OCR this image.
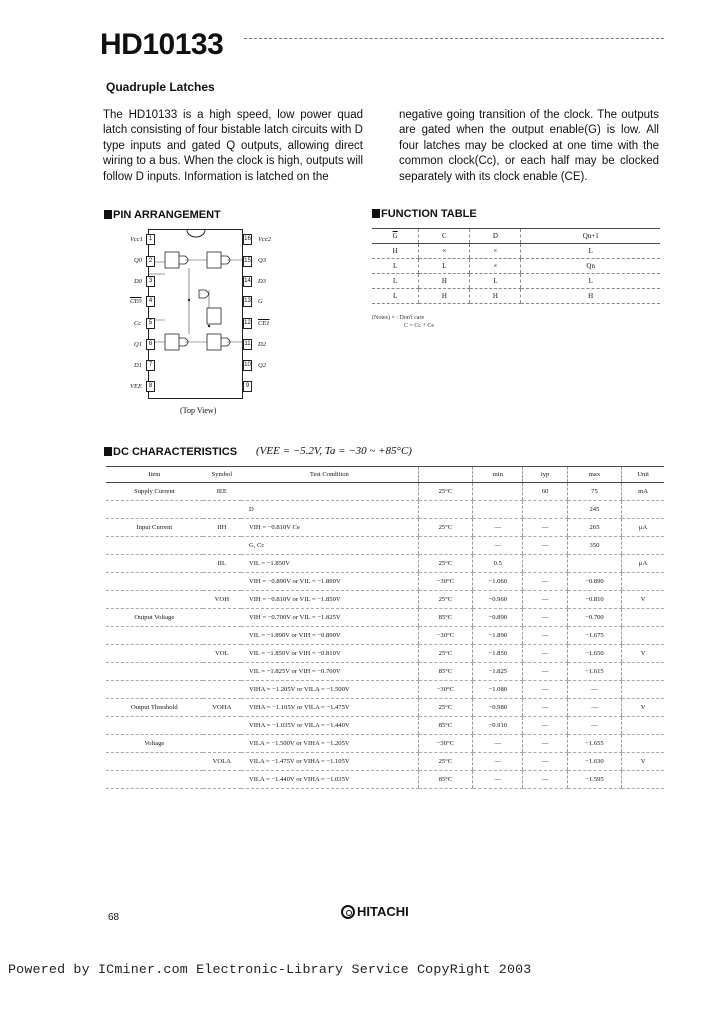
HD10133
Quadruple Latches
The HD10133 is a high speed, low power quad latch consisting of four bistable latch circuits with D type inputs and gated Q outputs, allowing direct wiring to a bus. When the clock is high, outputs will follow D inputs. Information is latched on the
negative going transition of the clock. The outputs are gated when the output enable(G) is low. All four latches may be clocked at one time with the common clock(Cc), or each half may be clocked separately with its clock enable (CE).
PIN ARRANGEMENT
1
2
3
4
5
6
7
8
Vcc1
Q0
D0
CE0
Cc
Q1
D1
VEE
16
15
14
13
12
11
10
9
Vcc2
Q3
D3
G
CE1
D2
Q2
(Top View)
FUNCTION TABLE
$\overline{G}$	C	D	Qn+1
H	×	×	L
L	L	×	Qn
L	H	L	L
L	H	H	H
(Notes) × : Don't care
C = Cc + Ce
DC CHARACTERISTICS (VEE = −5.2V, Ta = −30 ~ +85°C)
Item	Symbol	Test Condition		min	typ	max	Unit
Supply Current	IEE		25°C		60	75	mA
		D				245	
Input Current	IIH	VIH = −0.810V Ce	25°C	—	—	265	μA
		G, Cc		—	—	350	
	IIL	VIL = −1.850V	25°C	0.5			μA
		VIH = −0.890V or VIL = −1.890V	−30°C	−1.060	—	−0.890	
	VOH	VIH = −0.810V or VIL = −1.850V	25°C	−0.960	—	−0.810	V
Output Voltage		VIH = −0.700V or VIL = −1.825V	85°C	−0.890	—	−0.700	
		VIL = −1.890V or VIH = −0.890V	−30°C	−1.890	—	−1.675	
	VOL	VIL = −1.850V or VIH = −0.810V	25°C	−1.850	—	−1.650	V
		VIL = −1.825V or VIH = −0.700V	85°C	−1.825	—	−1.615	
		VIHA = −1.205V or VILA = −1.500V	−30°C	−1.080	—	—	
Output Threshold	VOHA	VIHA = −1.105V or VILA = −1.475V	25°C	−0.980	—	—	V
		VIHA = −1.035V or VILA = −1.440V	85°C	−0.910	—	—	
Voltage		VILA = −1.500V or VIHA = −1.205V	−30°C	—	—	−1.655	
	VOLA	VILA = −1.475V or VIHA = −1.105V	25°C	—	—	−1.630	V
		VILA = −1.440V or VIHA = −1.035V	85°C	—	—	−1.595	
68	HITACHI
Powered by ICminer.com Electronic-Library Service CopyRight 2003
